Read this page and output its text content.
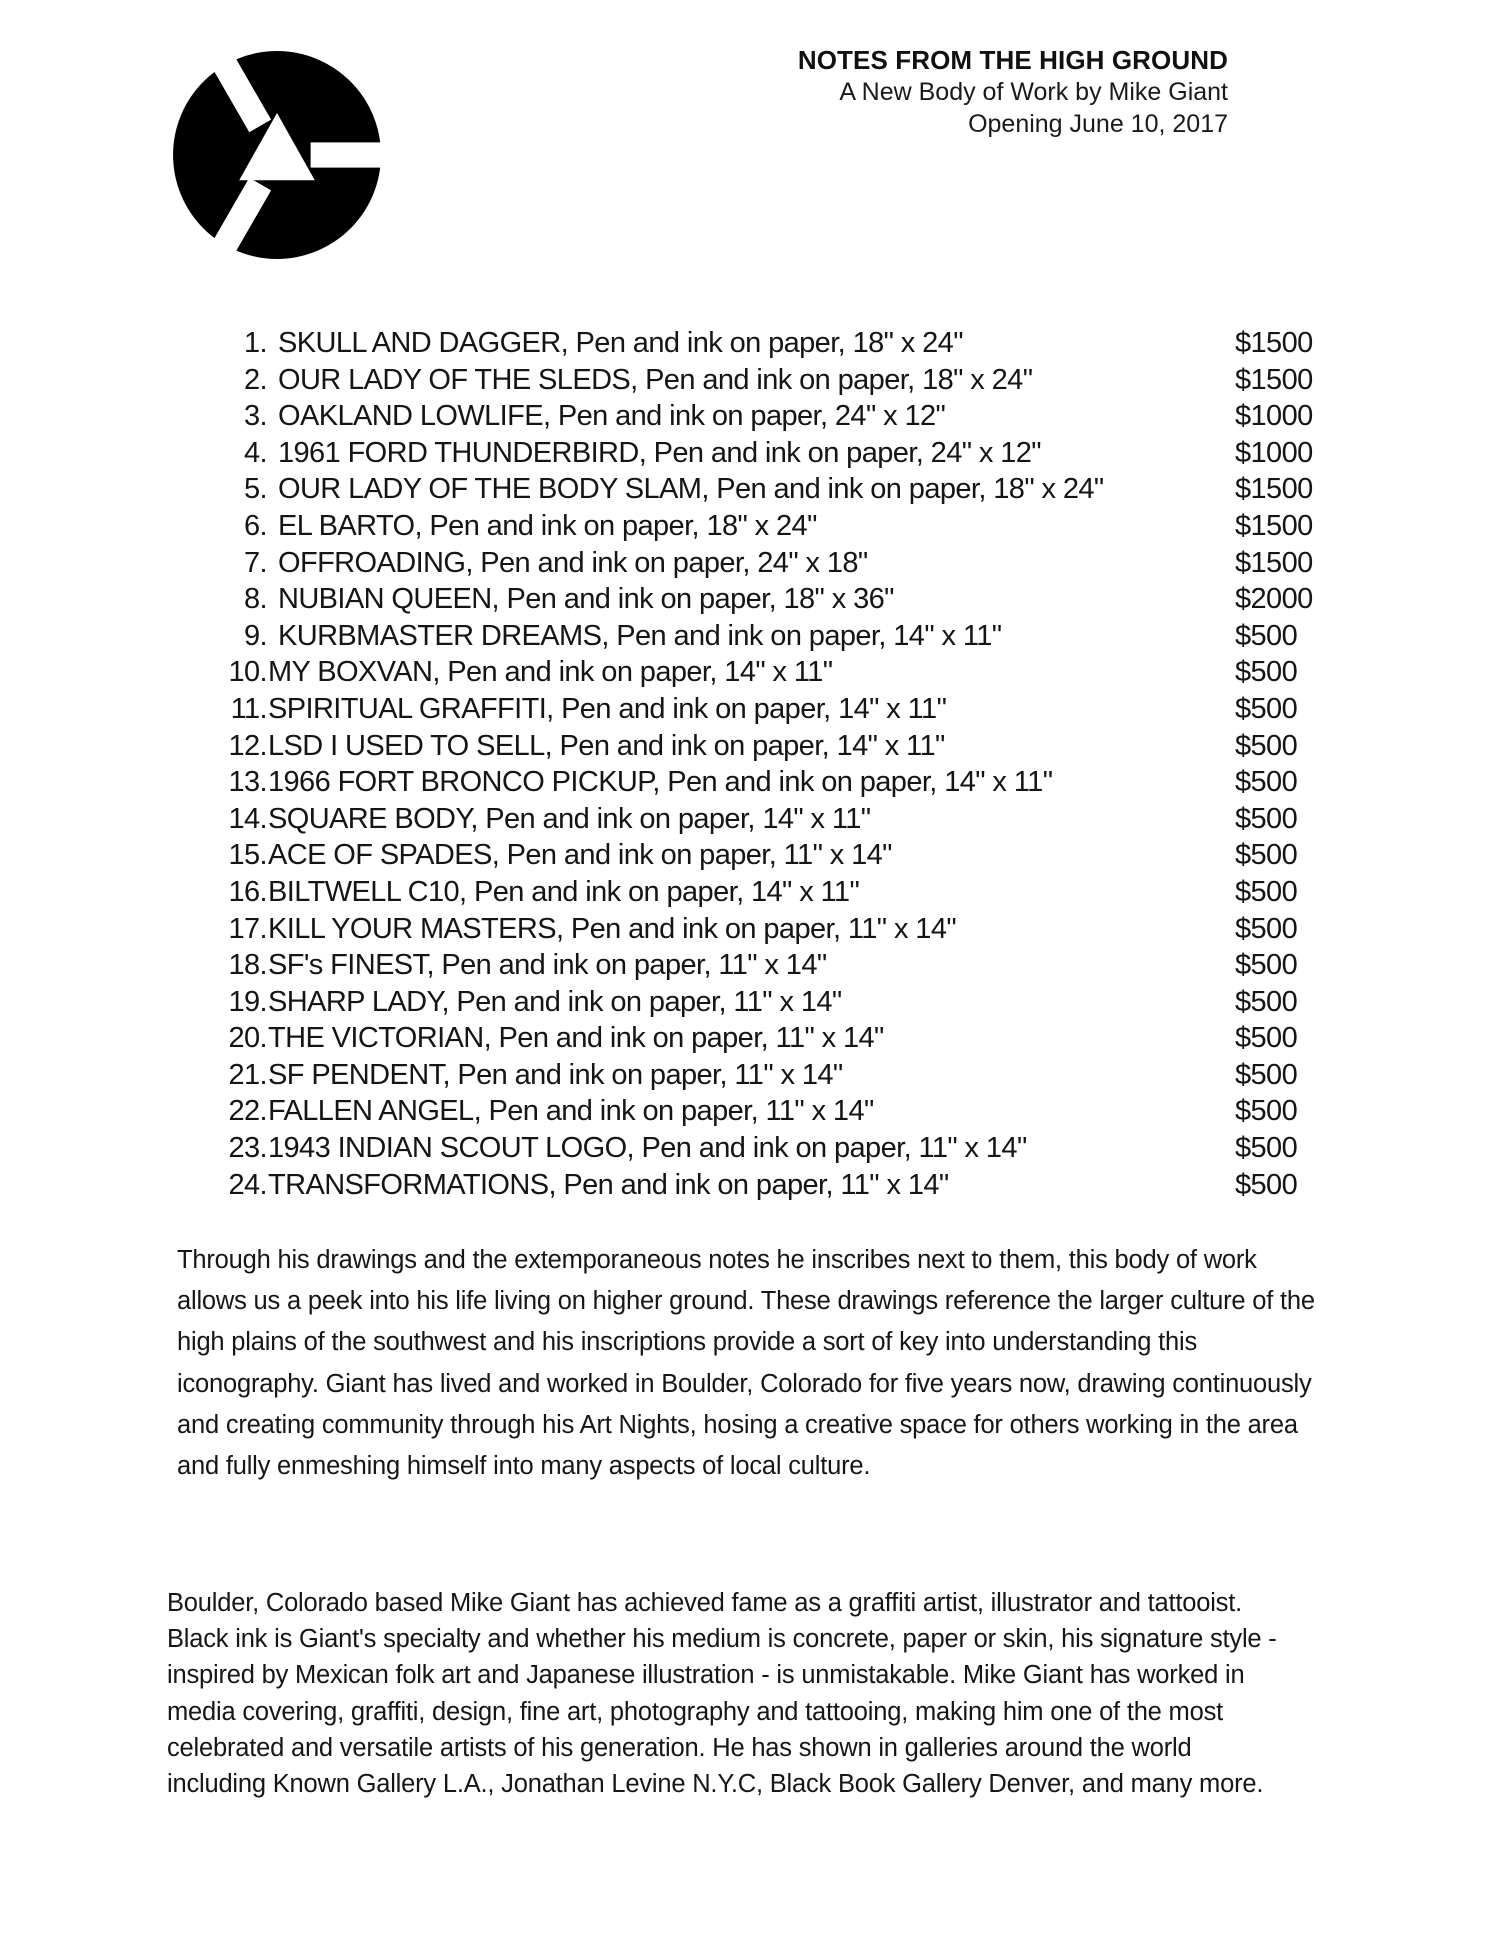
NOTES FROM THE HIGH GROUND
A New Body of Work by Mike Giant
Opening June 10, 2017
1. SKULL AND DAGGER, Pen and ink on paper, 18" x 24"	$1500
2. OUR LADY OF THE SLEDS, Pen and ink on paper, 18" x 24"	$1500
3. OAKLAND LOWLIFE, Pen and ink on paper, 24" x 12"	$1000
4. 1961 FORD THUNDERBIRD, Pen and ink on paper, 24" x 12"	$1000
5. OUR LADY OF THE BODY SLAM, Pen and ink on paper, 18" x 24"	$1500
6. EL BARTO, Pen and ink on paper, 18" x 24"	$1500
7. OFFROADING, Pen and ink on paper, 24" x 18"	$1500
8. NUBIAN QUEEN, Pen and ink on paper, 18" x 36"	$2000
9. KURBMASTER DREAMS, Pen and ink on paper, 14" x 11"	$500
10. MY BOXVAN, Pen and ink on paper, 14" x 11"	$500
11. SPIRITUAL GRAFFITI, Pen and ink on paper, 14" x 11"	$500
12. LSD I USED TO SELL, Pen and ink on paper, 14" x 11"	$500
13. 1966 FORT BRONCO PICKUP, Pen and ink on paper, 14" x 11"	$500
14. SQUARE BODY, Pen and ink on paper, 14" x 11"	$500
15. ACE OF SPADES, Pen and ink on paper, 11" x 14"	$500
16. BILTWELL C10, Pen and ink on paper, 14" x 11"	$500
17. KILL YOUR MASTERS, Pen and ink on paper, 11" x 14"	$500
18. SF's FINEST, Pen and ink on paper, 11" x 14"	$500
19. SHARP LADY, Pen and ink on paper, 11" x 14"	$500
20. THE VICTORIAN, Pen and ink on paper, 11" x 14"	$500
21. SF PENDENT, Pen and ink on paper, 11" x 14"	$500
22. FALLEN ANGEL, Pen and ink on paper, 11" x 14"	$500
23. 1943 INDIAN SCOUT LOGO, Pen and ink on paper, 11" x 14"	$500
24. TRANSFORMATIONS, Pen and ink on paper, 11" x 14"	$500

Through his drawings and the extemporaneous notes he inscribes next to them, this body of work allows us a peek into his life living on higher ground. These drawings reference the larger culture of the high plains of the southwest and his inscriptions provide a sort of key into understanding this iconography. Giant has lived and worked in Boulder, Colorado for five years now, drawing continuously and creating community through his Art Nights, hosing a creative space for others working in the area and fully enmeshing himself into many aspects of local culture.

Boulder, Colorado based Mike Giant has achieved fame as a graffiti artist, illustrator and tattooist. Black ink is Giant's specialty and whether his medium is concrete, paper or skin, his signature style - inspired by Mexican folk art and Japanese illustration - is unmistakable. Mike Giant has worked in media covering, graffiti, design, fine art, photography and tattooing, making him one of the most celebrated and versatile artists of his generation. He has shown in galleries around the world including Known Gallery L.A., Jonathan Levine N.Y.C, Black Book Gallery Denver, and many more.
